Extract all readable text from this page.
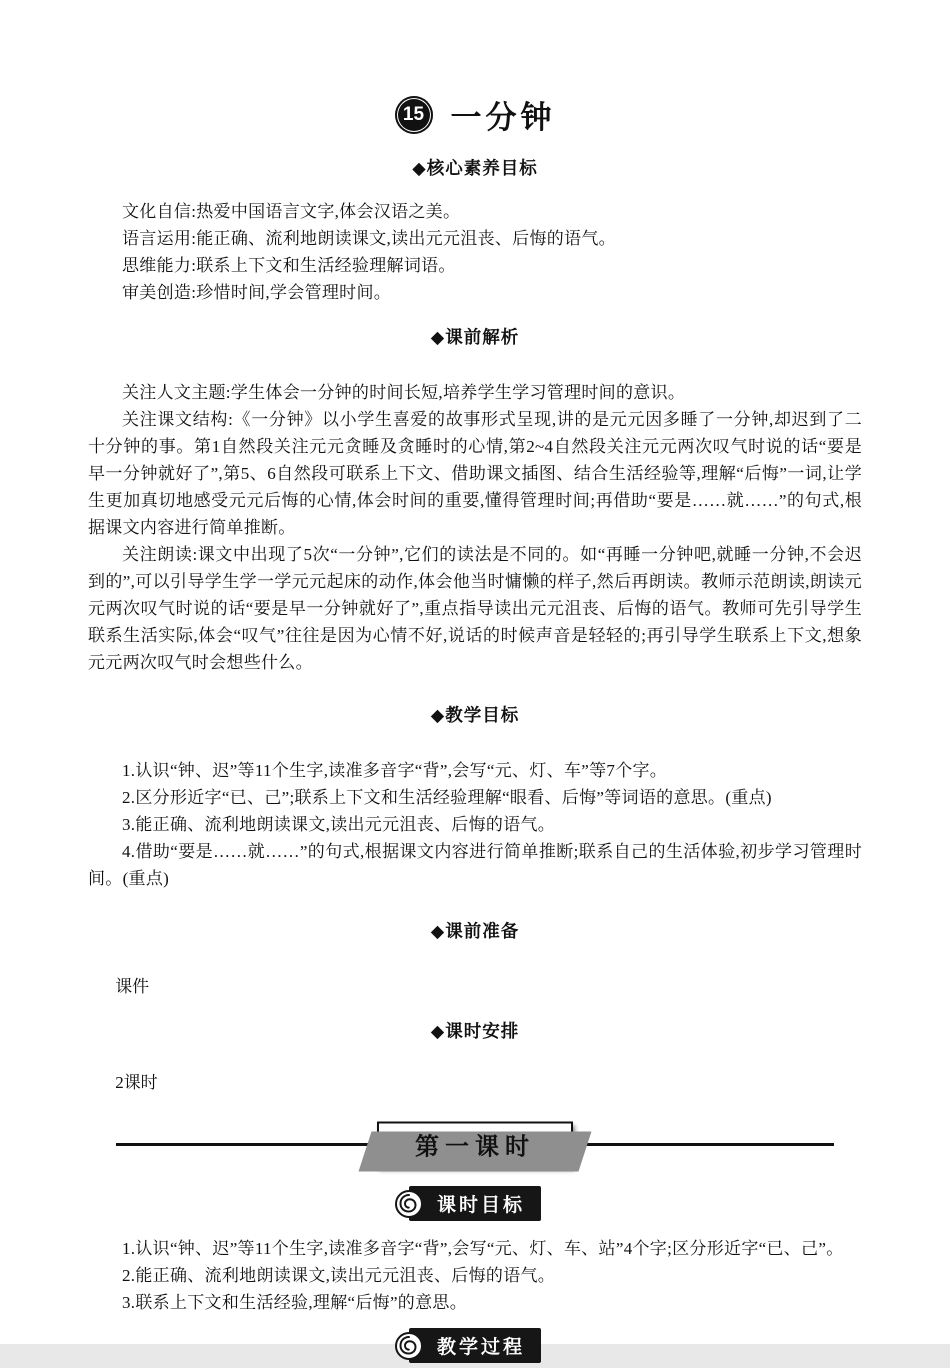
15 一分钟
◆核心素养目标

文化自信:热爱中国语言文字,体会汉语之美。

语言运用:能正确、流利地朗读课文,读出元元沮丧、后悔的语气。

思维能力:联系上下文和生活经验理解词语。

审美创造:珍惜时间,学会管理时间。

◆课前解析

关注人文主题:学生体会一分钟的时间长短,培养学生学习管理时间的意识。

关注课文结构:《一分钟》以小学生喜爱的故事形式呈现,讲的是元元因多睡了一分钟,却迟到了二十分钟的事。第1自然段关注元元贪睡及贪睡时的心情,第2~4自然段关注元元两次叹气时说的话“要是早一分钟就好了”,第5、6自然段可联系上下文、借助课文插图、结合生活经验等,理解“后悔”一词,让学生更加真切地感受元元后悔的心情,体会时间的重要,懂得管理时间;再借助“要是……就……”的句式,根据课文内容进行简单推断。

关注朗读:课文中出现了5次“一分钟”,它们的读法是不同的。如“再睡一分钟吧,就睡一分钟,不会迟到的”,可以引导学生学一学元元起床的动作,体会他当时慵懒的样子,然后再朗读。教师示范朗读,朗读元元两次叹气时说的话“要是早一分钟就好了”,重点指导读出元元沮丧、后悔的语气。教师可先引导学生联系生活实际,体会“叹气”往往是因为心情不好,说话的时候声音是轻轻的;再引导学生联系上下文,想象元元两次叹气时会想些什么。

◆教学目标

1.认识“钟、迟”等11个生字,读准多音字“背”,会写“元、灯、车”等7个字。

2.区分形近字“已、己”;联系上下文和生活经验理解“眼看、后悔”等词语的意思。(重点)

3.能正确、流利地朗读课文,读出元元沮丧、后悔的语气。

4.借助“要是……就……”的句式,根据课文内容进行简单推断;联系自己的生活体验,初步学习管理时间。(重点)

◆课前准备

课件

◆课时安排

2课时

第一课时
课时目标

1.认识“钟、迟”等11个生字,读准多音字“背”,会写“元、灯、车、站”4个字;区分形近字“已、己”。

2.能正确、流利地朗读课文,读出元元沮丧、后悔的语气。

3.联系上下文和生活经验,理解“后悔”的意思。

教学过程
